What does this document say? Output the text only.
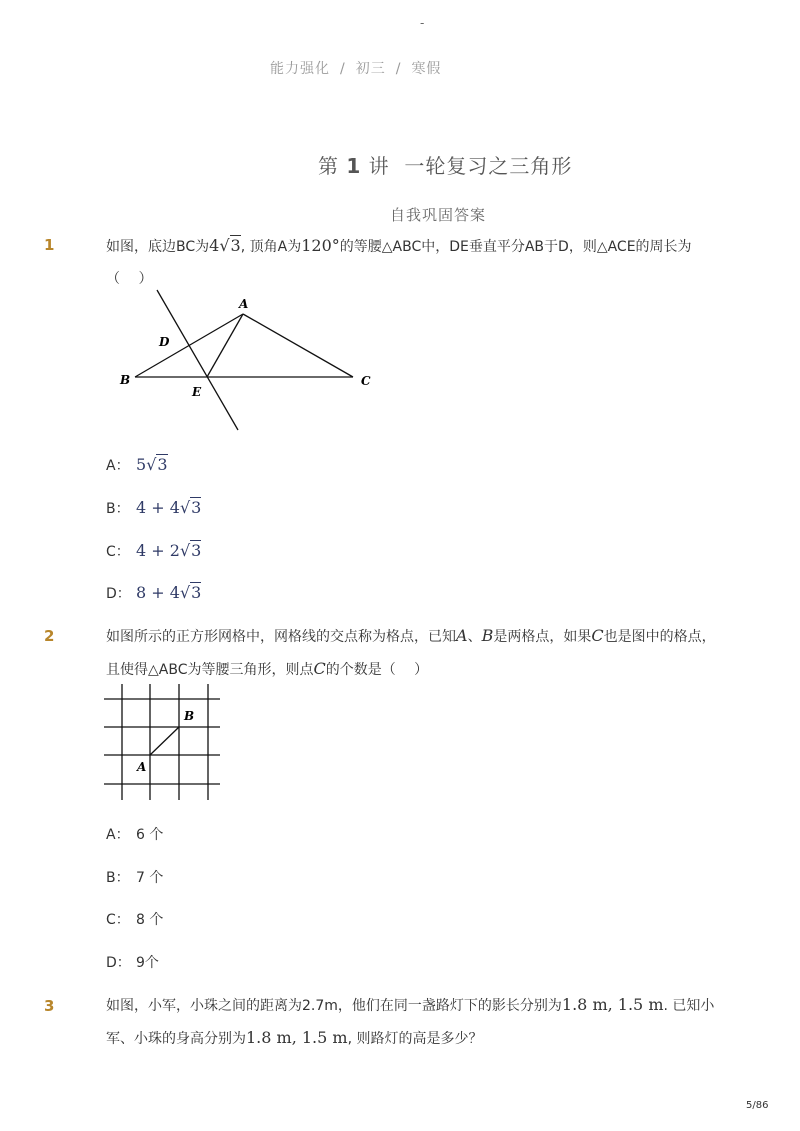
-
能力强化 / 初三 / 寒假
第 1 讲 一轮复习之三角形
自我巩固答案
1	如图，底边BC为4√3, 顶角A为120°的等腰△ABC中，DE垂直平分AB于D，则△ACE的周长为
（　 ）
A
B	C
D
E
A： 5√3
B： 4 + 4√3
C： 4 + 2√3
D： 8 + 4√3
2	如图所示的正方形网格中，网格线的交点称为格点，已知A、B是两格点，如果C也是图中的格点，且使得△ABC为等腰三角形，则点C的个数是（　 ）
A
B
A： 6 个
B： 7 个
C： 8 个
D： 9个
3	如图，小军，小珠之间的距离为2.7m，他们在同一盏路灯下的影长分别为1.8 m, 1.5 m. 已知小军、小珠的身高分别为1.8 m, 1.5 m, 则路灯的高是多少？
5/86
